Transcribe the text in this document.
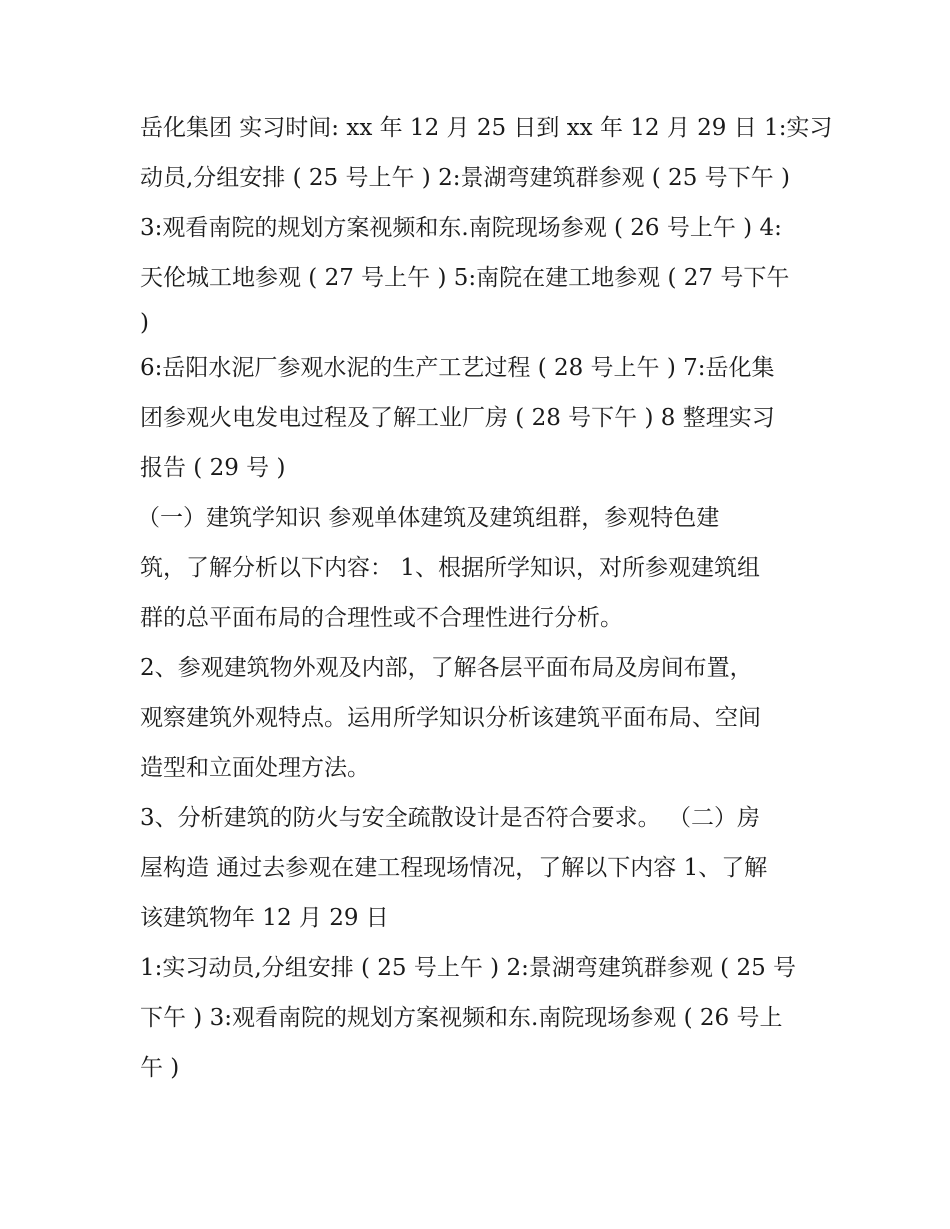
岳化集团 实习时间: xx 年 12 月 25 日到 xx 年 12 月 29 日 1:实习
动员,分组安排 ( 25 号上午 ) 2:景湖弯建筑群参观 ( 25 号下午 )
3:观看南院的规划方案视频和东.南院现场参观 ( 26 号上午 ) 4:
天伦城工地参观 ( 27 号上午 ) 5:南院在建工地参观 ( 27 号下午
)
6:岳阳水泥厂参观水泥的生产工艺过程 ( 28 号上午 ) 7:岳化集
团参观火电发电过程及了解工业厂房 ( 28 号下午 ) 8 整理实习
报告 ( 29 号 )
（一）建筑学知识 参观单体建筑及建筑组群，参观特色建
筑，了解分析以下内容： 1、根据所学知识，对所参观建筑组
群的总平面布局的合理性或不合理性进行分析。
2、参观建筑物外观及内部，了解各层平面布局及房间布置，
观察建筑外观特点。运用所学知识分析该建筑平面布局、空间
造型和立面处理方法。
3、分析建筑的防火与安全疏散设计是否符合要求。 （二）房
屋构造 通过去参观在建工程现场情况，了解以下内容 1、了解
该建筑物年 12 月 29 日
1:实习动员,分组安排 ( 25 号上午 ) 2:景湖弯建筑群参观 ( 25 号
下午 ) 3:观看南院的规划方案视频和东.南院现场参观 ( 26 号上
午 )
